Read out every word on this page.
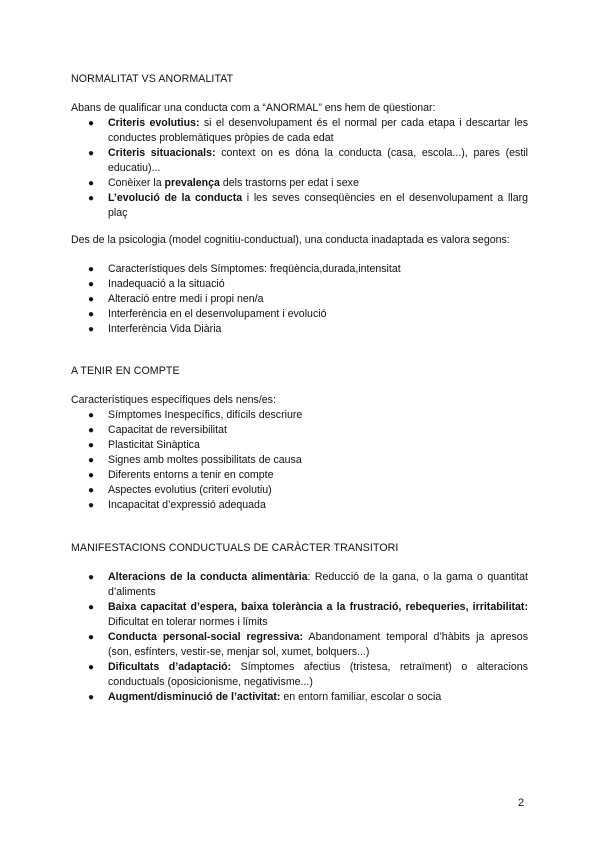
NORMALITAT VS ANORMALITAT
Abans de qualificar una conducta com a “ANORMAL” ens hem de qüestionar:
● Criteris evolutius: si el desenvolupament és el normal per cada etapa i descartar les conductes problemàtiques pròpies de cada edat
● Criteris situacionals: context on es dóna la conducta (casa, escola...), pares (estil educatiu)...
● Conèixer la prevalença dels trastorns per edat i sexe
● L’evolució de la conducta i les seves conseqüències en el desenvolupament a llarg plaç
Des de la psicologia (model cognitiu-conductual), una conducta inadaptada es valora segons:
● Característiques dels Símptomes: freqüència,durada,intensitat
● Inadequació a la situació
● Alteració entre medi i propi nen/a
● Interferència en el desenvolupament i evolució
● Interferència Vida Diària
A TENIR EN COMPTE
Característiques específiques dels nens/es:
● Símptomes Inespecífics, difícils descriure
● Capacitat de reversibilitat
● Plasticitat Sinàptica
● Signes amb moltes possibilitats de causa
● Diferents entorns a tenir en compte
● Aspectes evolutius (criteri evolutiu)
● Incapacitat d’expressió adequada
MANIFESTACIONS CONDUCTUALS DE CARÀCTER TRANSITORI
● Alteracions de la conducta alimentària: Reducció de la gana, o la gama o quantitat d’aliments
● Baixa capacitat d’espera, baixa tolerància a la frustració, rebequeries, irritabilitat: Dificultat en tolerar normes i límits
● Conducta personal-social regressiva: Abandonament temporal d’hàbits ja apresos (son, esfínters, vestir-se, menjar sol, xumet, bolquers...)
● Dificultats d’adaptació: Símptomes afectius (tristesa, retraïment) o alteracions conductuals (oposicionisme, negativisme...)
● Augment/disminució de l’activitat: en entorn familiar, escolar o socia
2
